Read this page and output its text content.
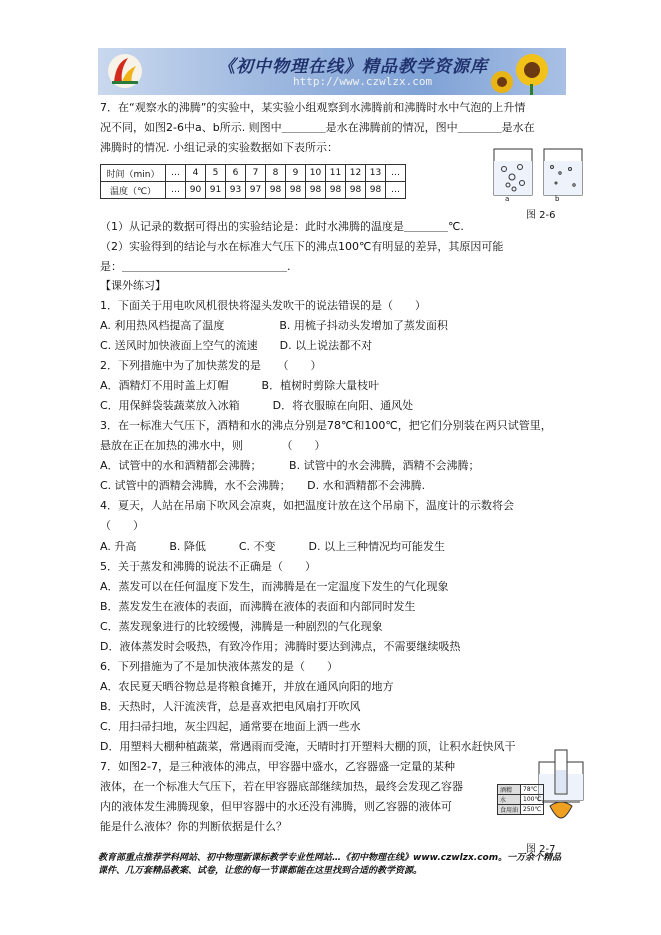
《初中物理在线》精品教学资源库
http://www.czwlzx.com
7．在“观察水的沸腾”的实验中，某实验小组观察到水沸腾前和沸腾时水中气泡的上升情
况不同，如图2-6中a、b所示. 则图中＿＿＿＿是水在沸腾前的情况，图中＿＿＿＿是水在
沸腾时的情况. 小组记录的实验数据如下表所示：
时间（min）	…	4	5	6	7	8	9	10	11	12	13	…
温度（℃）	…	90	91	93	97	98	98	98	98	98	98	…
a	b
图 2-6
（1）从记录的数据可得出的实验结论是：此时水沸腾的温度是＿＿＿＿℃.
（2）实验得到的结论与水在标准大气压下的沸点100℃有明显的差异，其原因可能
是：＿＿＿＿＿＿＿＿＿＿＿＿＿＿＿.
【课外练习】
1．下面关于用电吹风机很快将湿头发吹干的说法错误的是（　　）
A. 利用热风档提高了温度　　　　　B. 用梳子抖动头发增加了蒸发面积
C. 送风时加快液面上空气的流速　　D. 以上说法都不对
2．下列措施中为了加快蒸发的是　　（　　）
A．酒精灯不用时盖上灯帽　　　B．植树时剪除大量枝叶
C．用保鲜袋装蔬菜放入冰箱　　　D．将衣服晾在向阳、通风处
3．在一标准大气压下，酒精和水的沸点分别是78℃和100℃，把它们分别装在两只试管里，
悬放在正在加热的沸水中，则　　　　（　　）
A．试管中的水和酒精都会沸腾；　　　B. 试管中的水会沸腾，酒精不会沸腾；
C. 试管中的酒精会沸腾，水不会沸腾；　　D. 水和酒精都不会沸腾.
4．夏天，人站在吊扇下吹风会凉爽，如把温度计放在这个吊扇下，温度计的示数将会
（　　）
A. 升高　　　B. 降低　　　C. 不变　　　D. 以上三种情况均可能发生
5．关于蒸发和沸腾的说法不正确是（　　）
A．蒸发可以在任何温度下发生，而沸腾是在一定温度下发生的气化现象
B．蒸发发生在液体的表面，而沸腾在液体的表面和内部同时发生
C．蒸发现象进行的比较缓慢，沸腾是一种剧烈的气化现象
D．液体蒸发时会吸热，有致冷作用；沸腾时要达到沸点，不需要继续吸热
6．下列措施为了不是加快液体蒸发的是（　　）
A．农民夏天晒谷物总是将粮食摊开，并放在通风向阳的地方
B．天热时，人汗流浃背，总是喜欢把电风扇打开吹风
C．用扫帚扫地，灰尘四起，通常要在地面上洒一些水
D．用塑料大棚种植蔬菜，常遇雨而受淹，天晴时打开塑料大棚的顶，让积水赶快风干
7．如图2-7，是三种液体的沸点，甲容器中盛水，乙容器盛一定量的某种
液体，在一个标准大气压下，若在甲容器底部继续加热，最终会发现乙容器
内的液体发生沸腾现象，但甲容器中的水还没有沸腾，则乙容器的液体可
能是什么液体？你的判断依据是什么？
酒精	78℃
水	100℃
食用油	250℃
图 2-7
教育部重点推荐学科网站、初中物理新课标教学专业性网站…《初中物理在线》www.czwlzx.com。一万余个精品课件、几万套精品教案、试卷，让您的每一节课都能在这里找到合适的教学资源。
